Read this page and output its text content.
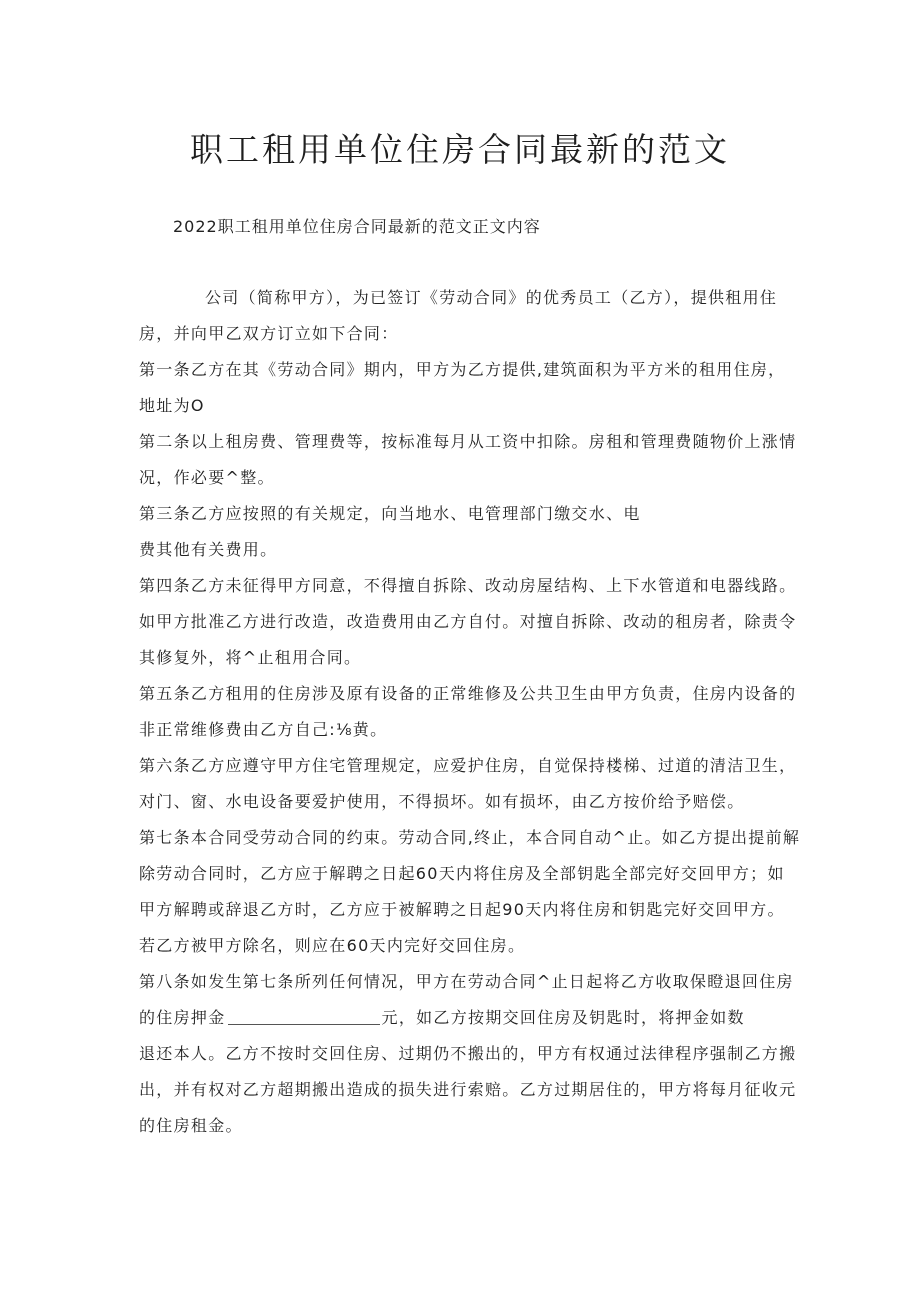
职工租用单位住房合同最新的范文
2022职工租用单位住房合同最新的范文正文内容
公司（简称甲方），为已签订《劳动合同》的优秀员工（乙方），提供租用住
房，并向甲乙双方订立如下合同：
第一条乙方在其《劳动合同》期内，甲方为乙方提供,建筑面积为平方米的租用住房，
地址为O
第二条以上租房费、管理费等，按标准每月从工资中扣除。房租和管理费随物价上涨情
况，作必要^整。
第三条乙方应按照的有关规定，向当地水、电管理部门缴交水、电
费其他有关费用。
第四条乙方未征得甲方同意，不得擅自拆除、改动房屋结构、上下水管道和电器线路。
如甲方批准乙方进行改造，改造费用由乙方自付。对擅自拆除、改动的租房者，除责令
其修复外，将^止租用合同。
第五条乙方租用的住房涉及原有设备的正常维修及公共卫生由甲方负责，住房内设备的
非正常维修费由乙方自己:⅛黄。
第六条乙方应遵守甲方住宅管理规定，应爱护住房，自觉保持楼梯、过道的清洁卫生，
对门、窗、水电设备要爱护使用，不得损坏。如有损坏，由乙方按价给予赔偿。
第七条本合同受劳动合同的约束。劳动合同,终止，本合同自动^止。如乙方提出提前解
除劳动合同时，乙方应于解聘之日起60天内将住房及全部钥匙全部完好交回甲方；如
甲方解聘或辞退乙方时，乙方应于被解聘之日起90天内将住房和钥匙完好交回甲方。
若乙方被甲方除名，则应在60天内完好交回住房。
第八条如发生第七条所列任何情况，甲方在劳动合同^止日起将乙方收取保瞪退回住房
的住房押金	元，如乙方按期交回住房及钥匙时，将押金如数
退还本人。乙方不按时交回住房、过期仍不搬出的，甲方有权通过法律程序强制乙方搬
出，并有权对乙方超期搬出造成的损失进行索赔。乙方过期居住的，甲方将每月征收元
的住房租金。
